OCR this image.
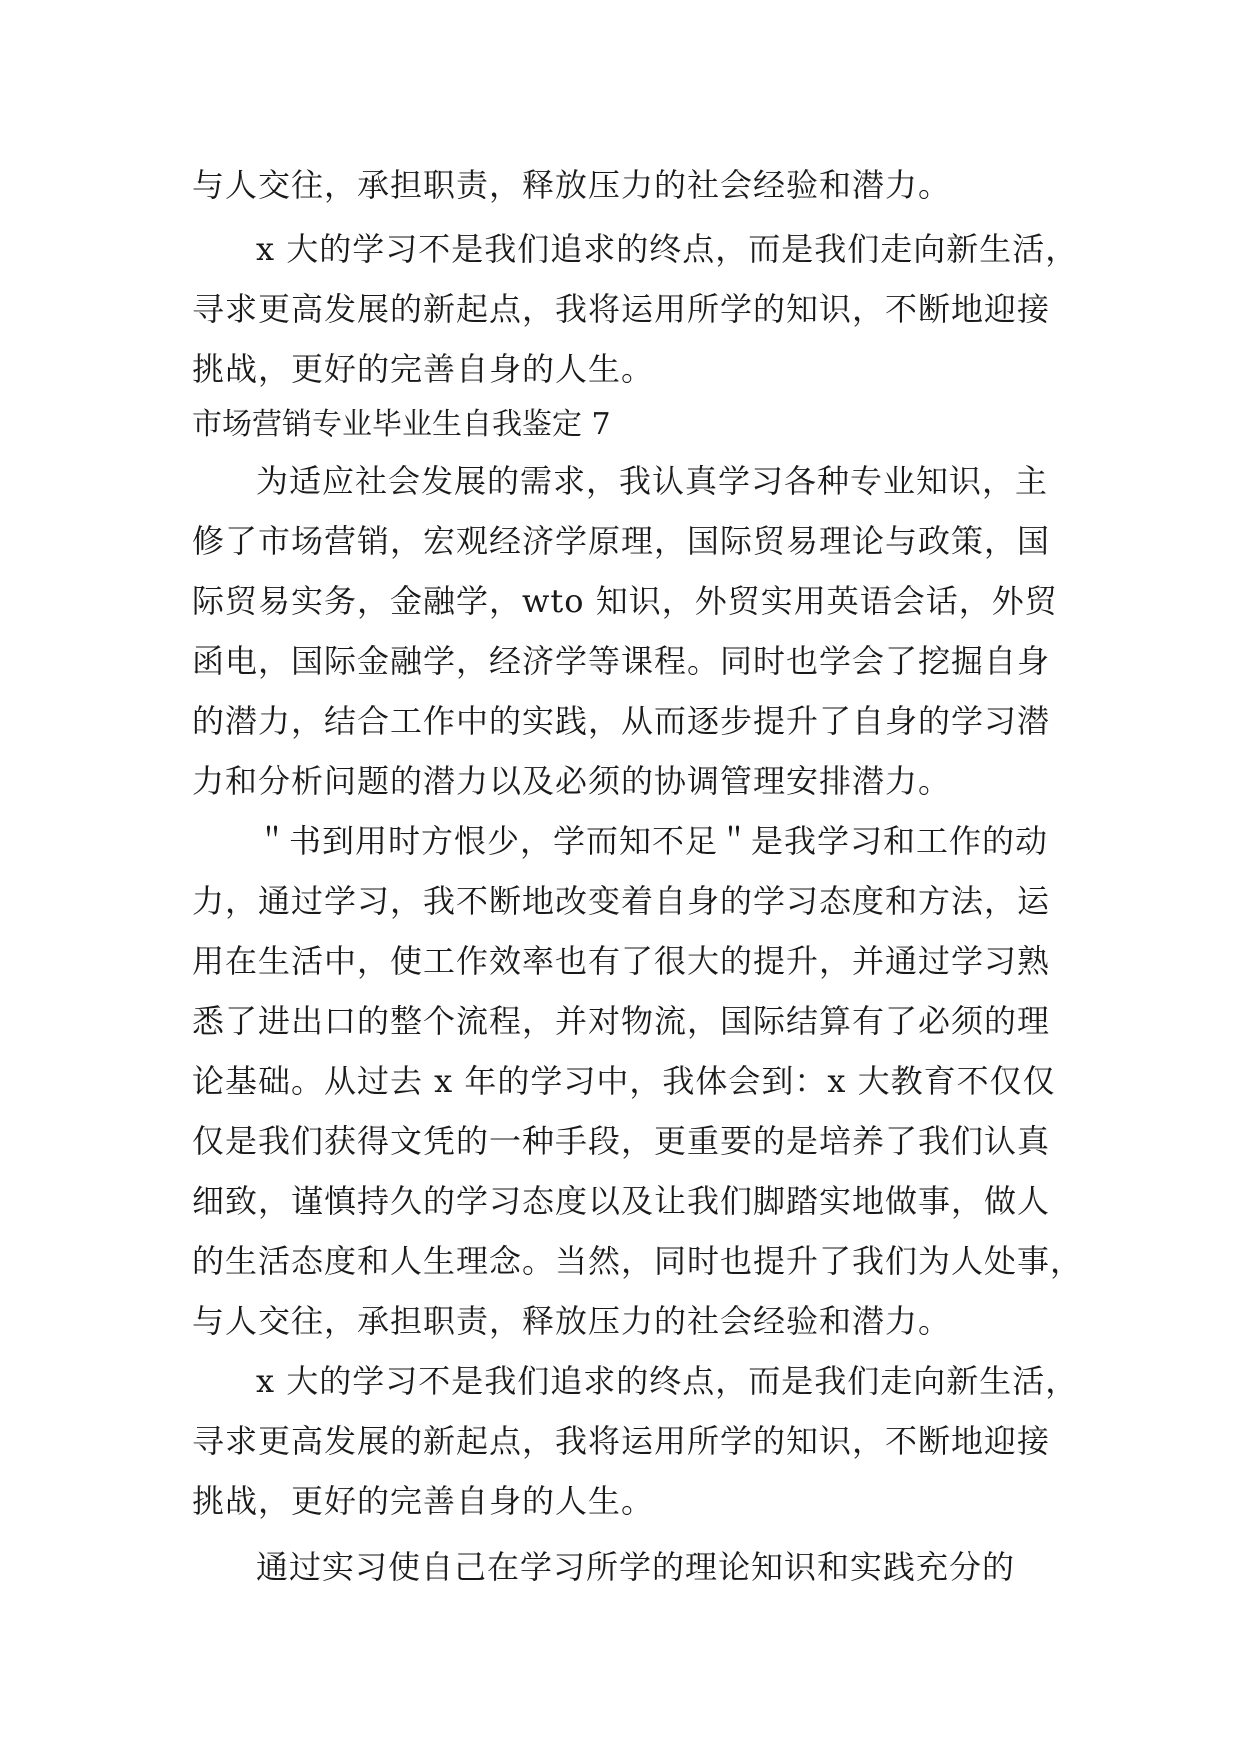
与人交往，承担职责，释放压力的社会经验和潜力。
x 大的学习不是我们追求的终点，而是我们走向新生活，
寻求更高发展的新起点，我将运用所学的知识，不断地迎接
挑战，更好的完善自身的人生。
市场营销专业毕业生自我鉴定 7
为适应社会发展的需求，我认真学习各种专业知识，主
修了市场营销，宏观经济学原理，国际贸易理论与政策，国
际贸易实务，金融学，wto 知识，外贸实用英语会话，外贸
函电，国际金融学，经济学等课程。同时也学会了挖掘自身
的潜力，结合工作中的实践，从而逐步提升了自身的学习潜
力和分析问题的潜力以及必须的协调管理安排潜力。
＂书到用时方恨少，学而知不足＂是我学习和工作的动
力，通过学习，我不断地改变着自身的学习态度和方法，运
用在生活中，使工作效率也有了很大的提升，并通过学习熟
悉了进出口的整个流程，并对物流，国际结算有了必须的理
论基础。从过去 x 年的学习中，我体会到：x 大教育不仅仅
仅是我们获得文凭的一种手段，更重要的是培养了我们认真
细致，谨慎持久的学习态度以及让我们脚踏实地做事，做人
的生活态度和人生理念。当然，同时也提升了我们为人处事，
与人交往，承担职责，释放压力的社会经验和潜力。
x 大的学习不是我们追求的终点，而是我们走向新生活，
寻求更高发展的新起点，我将运用所学的知识，不断地迎接
挑战，更好的完善自身的人生。
通过实习使自己在学习所学的理论知识和实践充分的
